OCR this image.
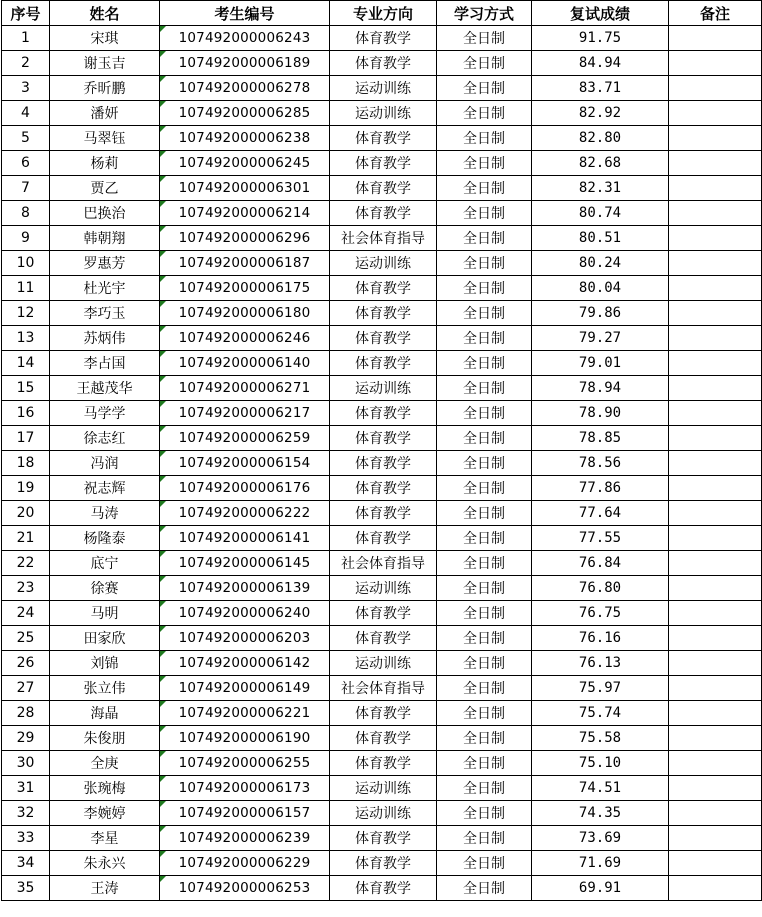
序号	姓名	考生编号	专业方向	学习方式	复试成绩	备注
1	宋琪	107492000006243	体育教学	全日制	91.75	
2	谢玉吉	107492000006189	体育教学	全日制	84.94	
3	乔昕鹏	107492000006278	运动训练	全日制	83.71	
4	潘妍	107492000006285	运动训练	全日制	82.92	
5	马翠钰	107492000006238	体育教学	全日制	82.80	
6	杨莉	107492000006245	体育教学	全日制	82.68	
7	贾乙	107492000006301	体育教学	全日制	82.31	
8	巴换治	107492000006214	体育教学	全日制	80.74	
9	韩朝翔	107492000006296	社会体育指导	全日制	80.51	
10	罗惠芳	107492000006187	运动训练	全日制	80.24	
11	杜光宇	107492000006175	体育教学	全日制	80.04	
12	李巧玉	107492000006180	体育教学	全日制	79.86	
13	苏炳伟	107492000006246	体育教学	全日制	79.27	
14	李占国	107492000006140	体育教学	全日制	79.01	
15	王越茂华	107492000006271	运动训练	全日制	78.94	
16	马学学	107492000006217	体育教学	全日制	78.90	
17	徐志红	107492000006259	体育教学	全日制	78.85	
18	冯润	107492000006154	体育教学	全日制	78.56	
19	祝志辉	107492000006176	体育教学	全日制	77.86	
20	马涛	107492000006222	体育教学	全日制	77.64	
21	杨隆泰	107492000006141	体育教学	全日制	77.55	
22	底宁	107492000006145	社会体育指导	全日制	76.84	
23	徐赛	107492000006139	运动训练	全日制	76.80	
24	马明	107492000006240	体育教学	全日制	76.75	
25	田家欣	107492000006203	体育教学	全日制	76.16	
26	刘锦	107492000006142	运动训练	全日制	76.13	
27	张立伟	107492000006149	社会体育指导	全日制	75.97	
28	海晶	107492000006221	体育教学	全日制	75.74	
29	朱俊朋	107492000006190	体育教学	全日制	75.58	
30	全庚	107492000006255	体育教学	全日制	75.10	
31	张琬梅	107492000006173	运动训练	全日制	74.51	
32	李婉婷	107492000006157	运动训练	全日制	74.35	
33	李星	107492000006239	体育教学	全日制	73.69	
34	朱永兴	107492000006229	体育教学	全日制	71.69	
35	王涛	107492000006253	体育教学	全日制	69.91	
